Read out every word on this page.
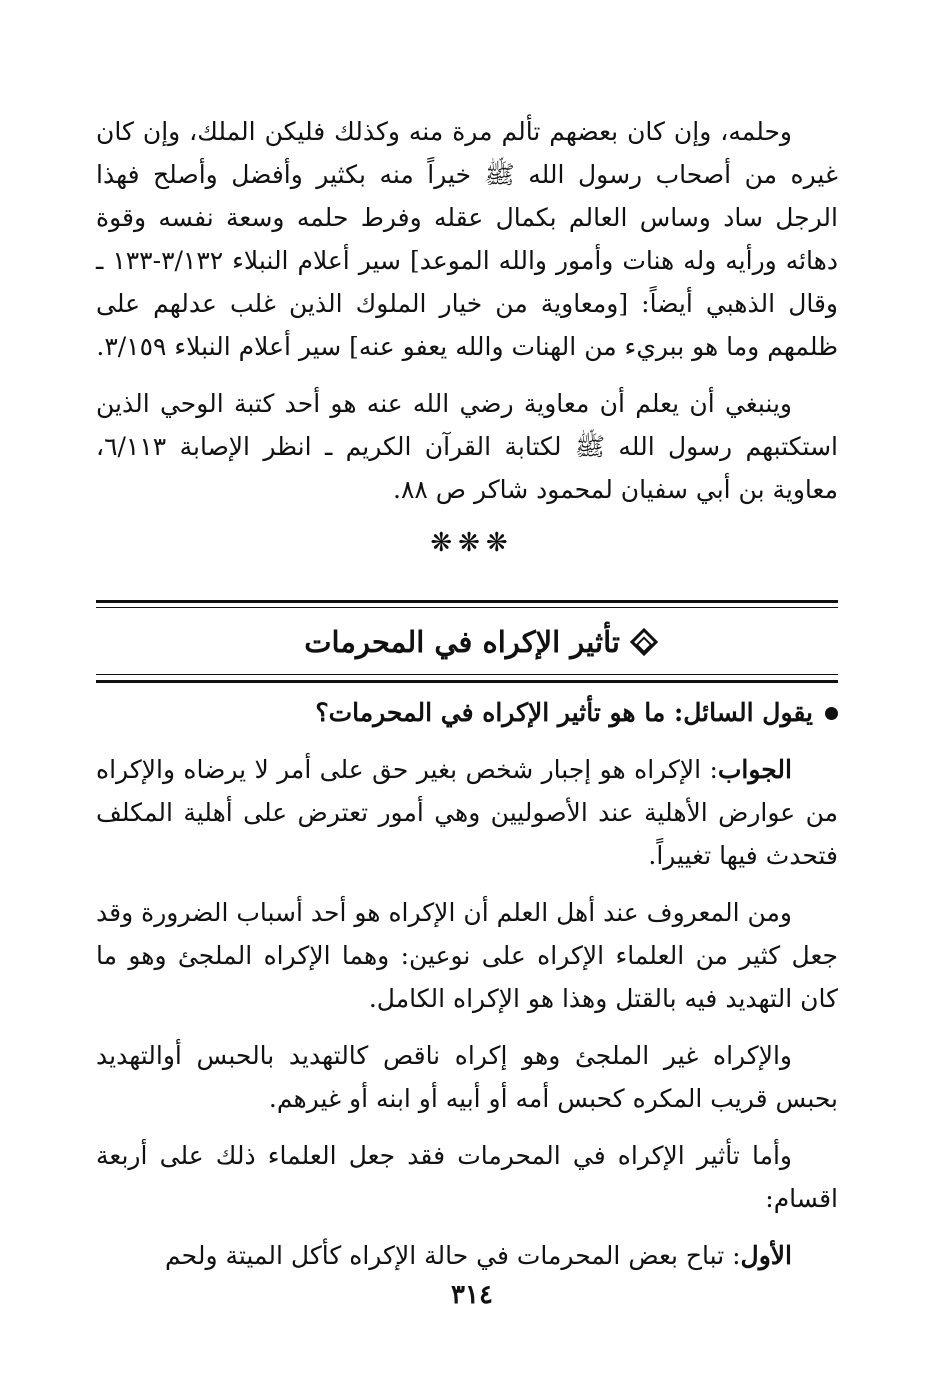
وحلمه، وإن كان بعضهم تألم مرة منه وكذلك فليكن الملك، وإن كان غيره من أصحاب رسول الله ﷺ خيراً منه بكثير وأفضل وأصلح فهذا الرجل ساد وساس العالم بكمال عقله وفرط حلمه وسعة نفسه وقوة دهائه ورأيه وله هنات وأمور والله الموعد] سير أعلام النبلاء ٣/١٣٢-١٣٣ ـ وقال الذهبي أيضاً: [ومعاوية من خيار الملوك الذين غلب عدلهم على ظلمهم وما هو ببريء من الهنات والله يعفو عنه] سير أعلام النبلاء ٣/١٥٩.
وينبغي أن يعلم أن معاوية رضي الله عنه هو أحد كتبة الوحي الذين استكتبهم رسول الله ﷺ لكتابة القرآن الكريم ـ انظر الإصابة ٦/١١٣، معاوية بن أبي سفيان لمحمود شاكر ص ٨٨.
❋❋❋
تأثير الإكراه في المحرمات
يقول السائل: ما هو تأثير الإكراه في المحرمات؟

الجواب: الإكراه هو إجبار شخص بغير حق على أمر لا يرضاه والإكراه من عوارض الأهلية عند الأصوليين وهي أمور تعترض على أهلية المكلف فتحدث فيها تغييراً.

ومن المعروف عند أهل العلم أن الإكراه هو أحد أسباب الضرورة وقد جعل كثير من العلماء الإكراه على نوعين: وهما الإكراه الملجئ وهو ما كان التهديد فيه بالقتل وهذا هو الإكراه الكامل.

والإكراه غير الملجئ وهو إكراه ناقص كالتهديد بالحبس أوالتهديد بحبس قريب المكره كحبس أمه أو أبيه أو ابنه أو غيرهم.

وأما تأثير الإكراه في المحرمات فقد جعل العلماء ذلك على أربعة اقسام:

الأول: تباح بعض المحرمات في حالة الإكراه كأكل الميتة ولحم

٣١٤
